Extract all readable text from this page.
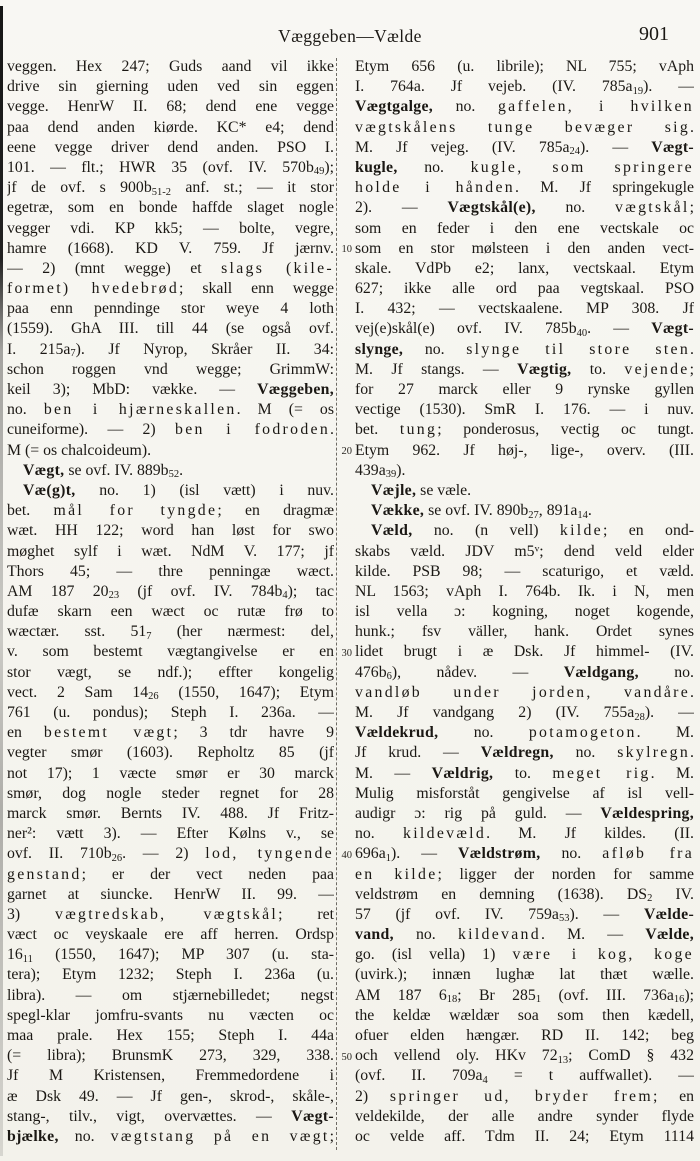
Væggeben—Vælde	901
veggen. Hex 247; Guds aand vil ikke
drive sin gierning uden ved sin eggen
vegge. HenrW II. 68; dend ene vegge
paa dend anden kiørde. KC* e4; dend
eene vegge driver dend anden. PSO I.
101. — flt.; HWR 35 (ovf. IV. 570b49);
jf de ovf. s 900b51-2 anf. st.; — it stor
egetræ, som en bonde haffde slaget nogle
vegger vdi. KP kk5; — bolte, vegre,
hamre (1668). KD V. 759. Jf jærnv.
— 2) (mnt wegge) et slags (kile-
formet) hvedebrød; skall enn wegge
paa enn penndinge stor weye 4 loth
(1559). GhA III. till 44 (se også ovf.
I. 215a7). Jf Nyrop, Skråer II. 34:
schon roggen vnd wegge; GrimmW:
keil 3); MbD: vække. — Væggeben,
no. ben i hjærneskallen. M (= os
cuneiforme). — 2) ben i fodroden.
M (= os chalcoideum).
Vægt, se ovf. IV. 889b52.
Væ(g)t, no. 1) (isl vætt) i nuv.
bet. mål for tyngde; en dragmæ
wæt. HH 122; word han løst for swo
møghet sylf i wæt. NdM V. 177; jf
Thors 45; — thre penningæ wæct.
AM 187 2023 (jf ovf. IV. 784b4); tac
dufæ skarn een wæct oc rutæ frø to
wæctær. sst. 517 (her nærmest: del,
v. som bestemt vægtangivelse er en
stor vægt, se ndf.); effter kongelig
vect. 2 Sam 1426 (1550, 1647); Etym
761 (u. pondus); Steph I. 236a. —
en bestemt vægt; 3 tdr havre 9
vegter smør (1603). Repholtz 85 (jf
not 17); 1 væcte smør er 30 marck
smør, dog nogle steder regnet for 28
marck smør. Bernts IV. 488. Jf Fritz-
ner²: vætt 3). — Efter Kølns v., se
ovf. II. 710b26. — 2) lod, tyngende
genstand; er der vect neden paa
garnet at siuncke. HenrW II. 99. —
3) vægtredskab, vægtskål; ret
væct oc veyskaale ere aff herren. Ordsp
1611 (1550, 1647); MP 307 (u. sta-
tera); Etym 1232; Steph I. 236a (u.
libra). — om stjærnebilledet; negst
spegl-klar jomfru-svants nu væcten oc
maa prale. Hex 155; Steph I. 44a
(= libra); BrunsmK 273, 329, 338.
Jf M Kristensen, Fremmedordene i
æ Dsk 49. — Jf gen-, skrod-, skåle-,
stang-, tilv., vigt, overvættes. — Vægt-
bjælke, no. vægtstang på en vægt;
10
20
30
40
50
Etym 656 (u. librile); NL 755; vAph
I. 764a. Jf vejeb. (IV. 785a19). —
Vægtgalge, no. gaffelen, i hvilken
vægtskålens tunge bevæger sig.
M. Jf vejeg. (IV. 785a24). — Vægt-
kugle, no. kugle, som springere
holde i hånden. M. Jf springekugle
2). — Vægtskål(e), no. vægtskål;
som en feder i den ene vectskale oc
som en stor mølsteen i den anden vect-
skale. VdPb e2; lanx, vectskaal. Etym
627; ikke alle ord paa vegtskaal. PSO
I. 432; — vectskaalene. MP 308. Jf
vej(e)skål(e) ovf. IV. 785b40. — Vægt-
slynge, no. slynge til store sten.
M. Jf stangs. — Vægtig, to. vejende;
for 27 marck eller 9 rynske gyllen
vectige (1530). SmR I. 176. — i nuv.
bet. tung; ponderosus, vectig oc tungt.
Etym 962. Jf høj-, lige-, overv. (III.
439a39).
Væjle, se væle.
Vække, se ovf. IV. 890b27, 891a14.
Væld, no. (n vell) kilde; en ond-
skabs væld. JDV m5ᵛ; dend veld elder
kilde. PSB 98; — scaturigo, et væld.
NL 1563; vAph I. 764b. Ik. i N, men
isl vella ɔ: kogning, noget kogende,
hunk.; fsv väller, hank. Ordet synes
lidet brugt i æ Dsk. Jf himmel- (IV.
476b6), nådev. — Vældgang, no.
vandløb under jorden, vandåre.
M. Jf vandgang 2) (IV. 755a28). —
Vældekrud, no. potamogeton. M.
Jf krud. — Vældregn, no. skylregn.
M. — Vældrig, to. meget rig. M.
Mulig misforståt gengivelse af isl vell-
audigr ɔ: rig på guld. — Vældespring,
no. kildevæld. M. Jf kildes. (II.
696a1). — Vældstrøm, no. afløb fra
en kilde; ligger der norden for samme
veldstrøm en demning (1638). DS2 IV.
57 (jf ovf. IV. 759a53). — Vælde-
vand, no. kildevand. M. — Vælde,
go. (isl vella) 1) være i kog, koge
(uvirk.); innæn lughæ lat thæt wælle.
AM 187 618; Br 2851 (ovf. III. 736a16);
the keldæ wældær soa som then kædell,
ofuer elden hængær. RD II. 142; beg
och vellend oly. HKv 7213; ComD § 432
(ovf. II. 709a4 = t auffwallet). —
2) springer ud, bryder frem; en
veldekilde, der alle andre synder flyde
oc velde aff. Tdm II. 24; Etym 1114
